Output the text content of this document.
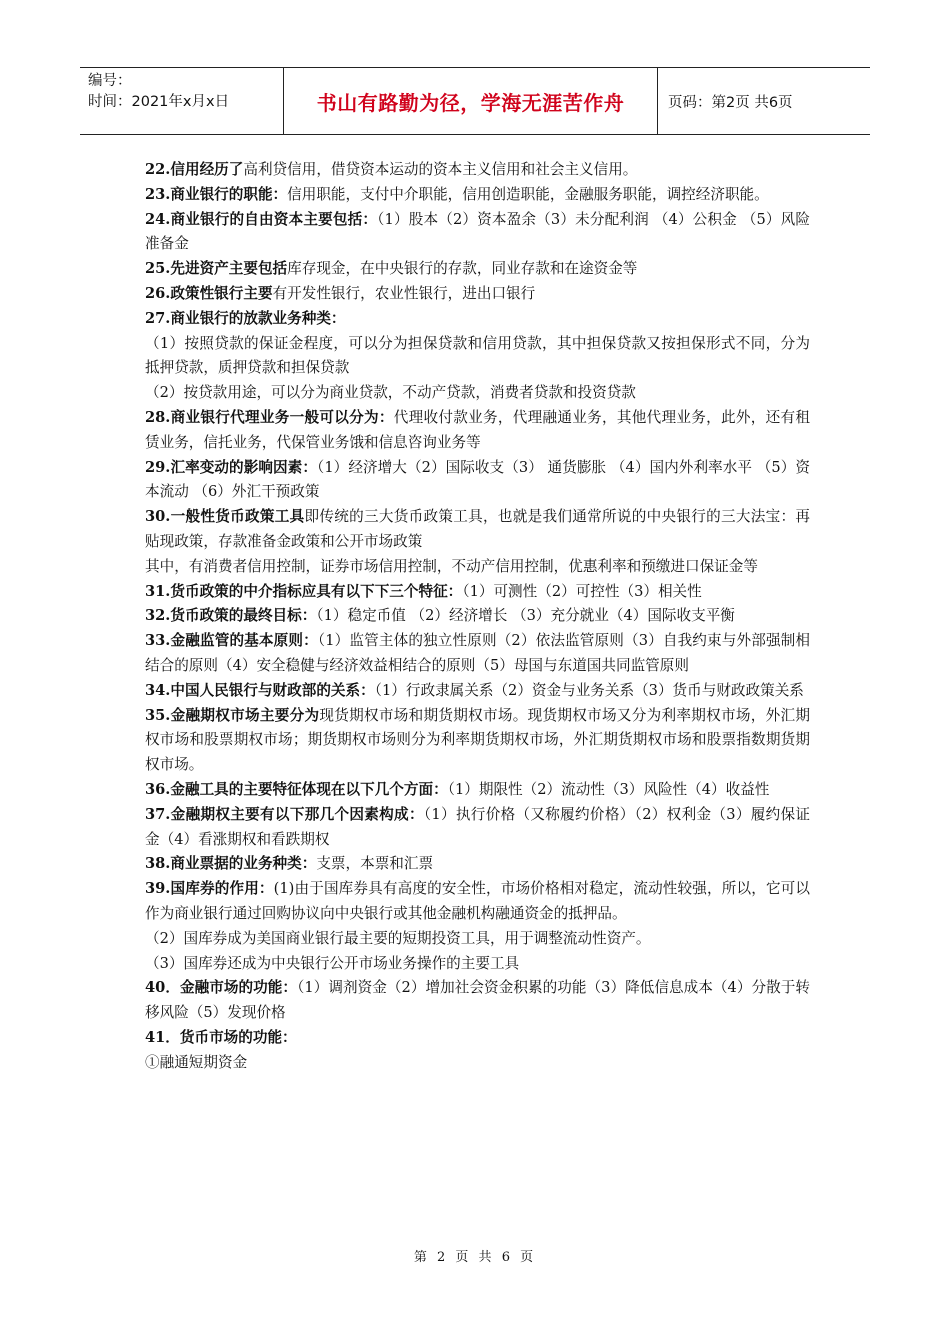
编号：
时间：2021年x月x日	书山有路勤为径，学海无涯苦作舟	页码：第2页 共6页

22.信用经历了高利贷信用，借贷资本运动的资本主义信用和社会主义信用。

23.商业银行的职能：信用职能，支付中介职能，信用创造职能，金融服务职能，调控经济职能。

24.商业银行的自由资本主要包括：（1）股本（2）资本盈余（3）未分配利润 （4）公积金 （5）风险准备金

25.先进资产主要包括库存现金，在中央银行的存款，同业存款和在途资金等

26.政策性银行主要有开发性银行，农业性银行，进出口银行

27.商业银行的放款业务种类：

（1）按照贷款的保证金程度，可以分为担保贷款和信用贷款，其中担保贷款又按担保形式不同，分为抵押贷款，质押贷款和担保贷款

（2）按贷款用途，可以分为商业贷款，不动产贷款，消费者贷款和投资贷款

28.商业银行代理业务一般可以分为：代理收付款业务，代理融通业务，其他代理业务，此外，还有租赁业务，信托业务，代保管业务饿和信息咨询业务等

29.汇率变动的影响因素：（1）经济增大（2）国际收支（3） 通货膨胀 （4）国内外利率水平 （5）资本流动 （6）外汇干预政策

30.一般性货币政策工具即传统的三大货币政策工具，也就是我们通常所说的中央银行的三大法宝：再贴现政策，存款准备金政策和公开市场政策

其中，有消费者信用控制，证券市场信用控制，不动产信用控制，优惠利率和预缴进口保证金等

31.货币政策的中介指标应具有以下下三个特征：（1）可测性（2）可控性（3）相关性

32.货币政策的最终目标：（1）稳定币值 （2）经济增长 （3）充分就业（4）国际收支平衡

33.金融监管的基本原则：（1）监管主体的独立性原则（2）依法监管原则（3）自我约束与外部强制相结合的原则（4）安全稳健与经济效益相结合的原则（5）母国与东道国共同监管原则

34.中国人民银行与财政部的关系：（1）行政隶属关系（2）资金与业务关系（3）货币与财政政策关系

35.金融期权市场主要分为现货期权市场和期货期权市场。现货期权市场又分为利率期权市场，外汇期权市场和股票期权市场；期货期权市场则分为利率期货期权市场，外汇期货期权市场和股票指数期货期权市场。

36.金融工具的主要特征体现在以下几个方面：（1）期限性（2）流动性（3）风险性（4）收益性

37.金融期权主要有以下那几个因素构成：（1）执行价格（又称履约价格）（2）权利金（3）履约保证金（4）看涨期权和看跌期权

38.商业票据的业务种类：支票，本票和汇票

39.国库券的作用：(1)由于国库券具有高度的安全性，市场价格相对稳定，流动性较强，所以，它可以作为商业银行通过回购协议向中央银行或其他金融机构融通资金的抵押品。

（2）国库券成为美国商业银行最主要的短期投资工具，用于调整流动性资产。

（3）国库券还成为中央银行公开市场业务操作的主要工具

40．金融市场的功能：（1）调剂资金（2）增加社会资金积累的功能（3）降低信息成本（4）分散于转移风险（5）发现价格

41．货币市场的功能：

①融通短期资金

第 2 页 共 6 页
